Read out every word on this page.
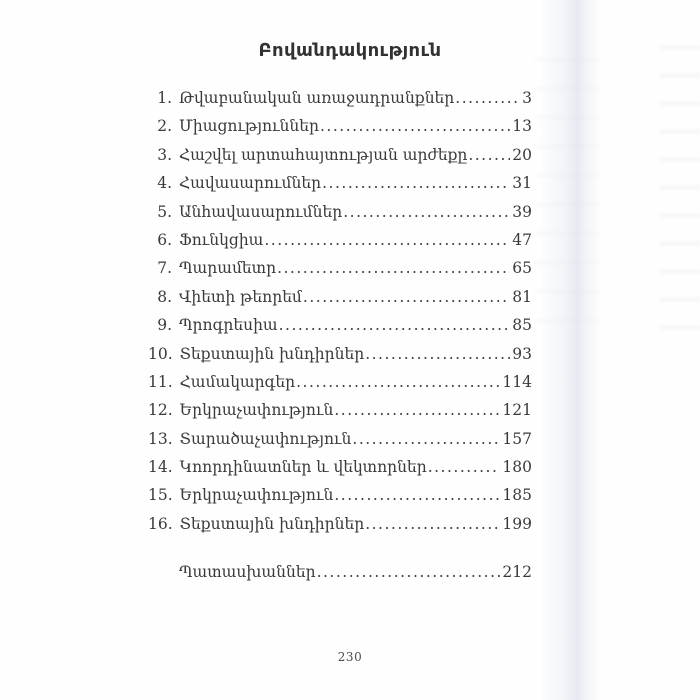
Բովանդակություն
1. Թվաբանական առաջադրանքներ .....	3
2. Միացություններ .....	13
3. Հաշվել արտահայտության արժեքը .....	20
4. Հավասարումներ .....	31
5. Անհավասարումներ .....	39
6. Ֆունկցիա .....	47
7. Պարամետր .....	65
8. Վիետի թեորեմ .....	81
9. Պրոգրեսիա .....	85
10. Տեքստային խնդիրներ .....	93
11. Համակարգեր .....	114
12. Երկրաչափություն .....	121
13. Տարածաչափություն .....	157
14. Կոորդինատներ և վեկտորներ .....	180
15. Երկրաչափություն .....	185
16. Տեքստային խնդիրներ .....	199
Պատասխաններ .....	212
230
